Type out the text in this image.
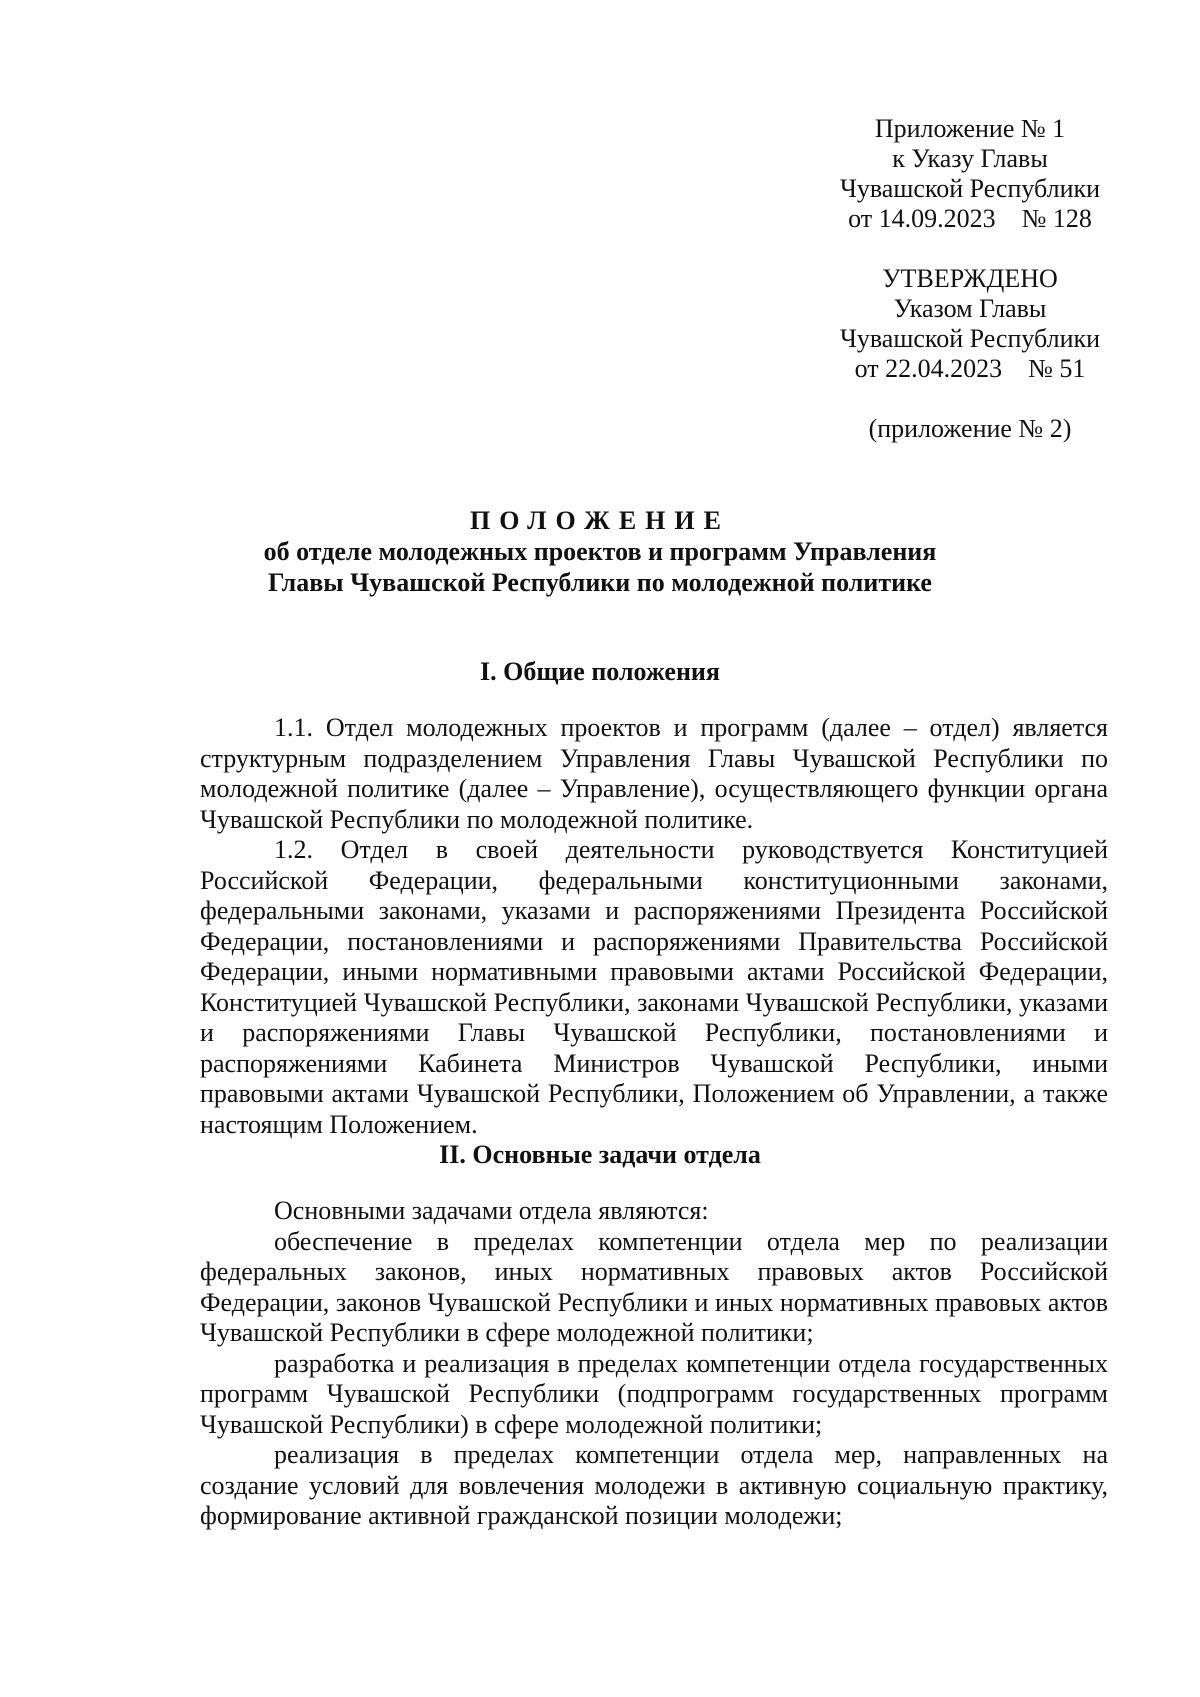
Приложение № 1
к Указу Главы
Чувашской Республики
от 14.09.2023    № 128
УТВЕРЖДЕНО
Указом Главы
Чувашской Республики
от 22.04.2023    № 51
(приложение № 2)
ПОЛОЖЕНИЕ
об отделе молодежных проектов и программ Управления
Главы Чувашской Республики по молодежной политике
I. Общие положения

1.1. Отдел молодежных проектов и программ (далее – отдел) является структурным подразделением Управления Главы Чувашской Республики по молодежной политике (далее – Управление), осуществляющего функции органа Чувашской Республики по молодежной политике.

1.2. Отдел в своей деятельности руководствуется Конституцией Российской Федерации, федеральными конституционными законами, федеральными законами, указами и распоряжениями Президента Российской Федерации, постановлениями и распоряжениями Правительства Российской Федерации, иными нормативными правовыми актами Российской Федерации, Конституцией Чувашской Республики, законами Чувашской Республики, указами и распоряжениями Главы Чувашской Республики, постановлениями и распоряжениями Кабинета Министров Чувашской Республики, иными правовыми актами Чувашской Республики, Положением об Управлении, а также настоящим Положением.

II. Основные задачи отдела

Основными задачами отдела являются:

обеспечение в пределах компетенции отдела мер по реализации федеральных законов, иных нормативных правовых актов Российской Федерации, законов Чувашской Республики и иных нормативных правовых актов Чувашской Республики в сфере молодежной политики;

разработка и реализация в пределах компетенции отдела государственных программ Чувашской Республики (подпрограмм государственных программ Чувашской Республики) в сфере молодежной политики;

реализация в пределах компетенции отдела мер, направленных на создание условий для вовлечения молодежи в активную социальную практику, формирование активной гражданской позиции молодежи;
